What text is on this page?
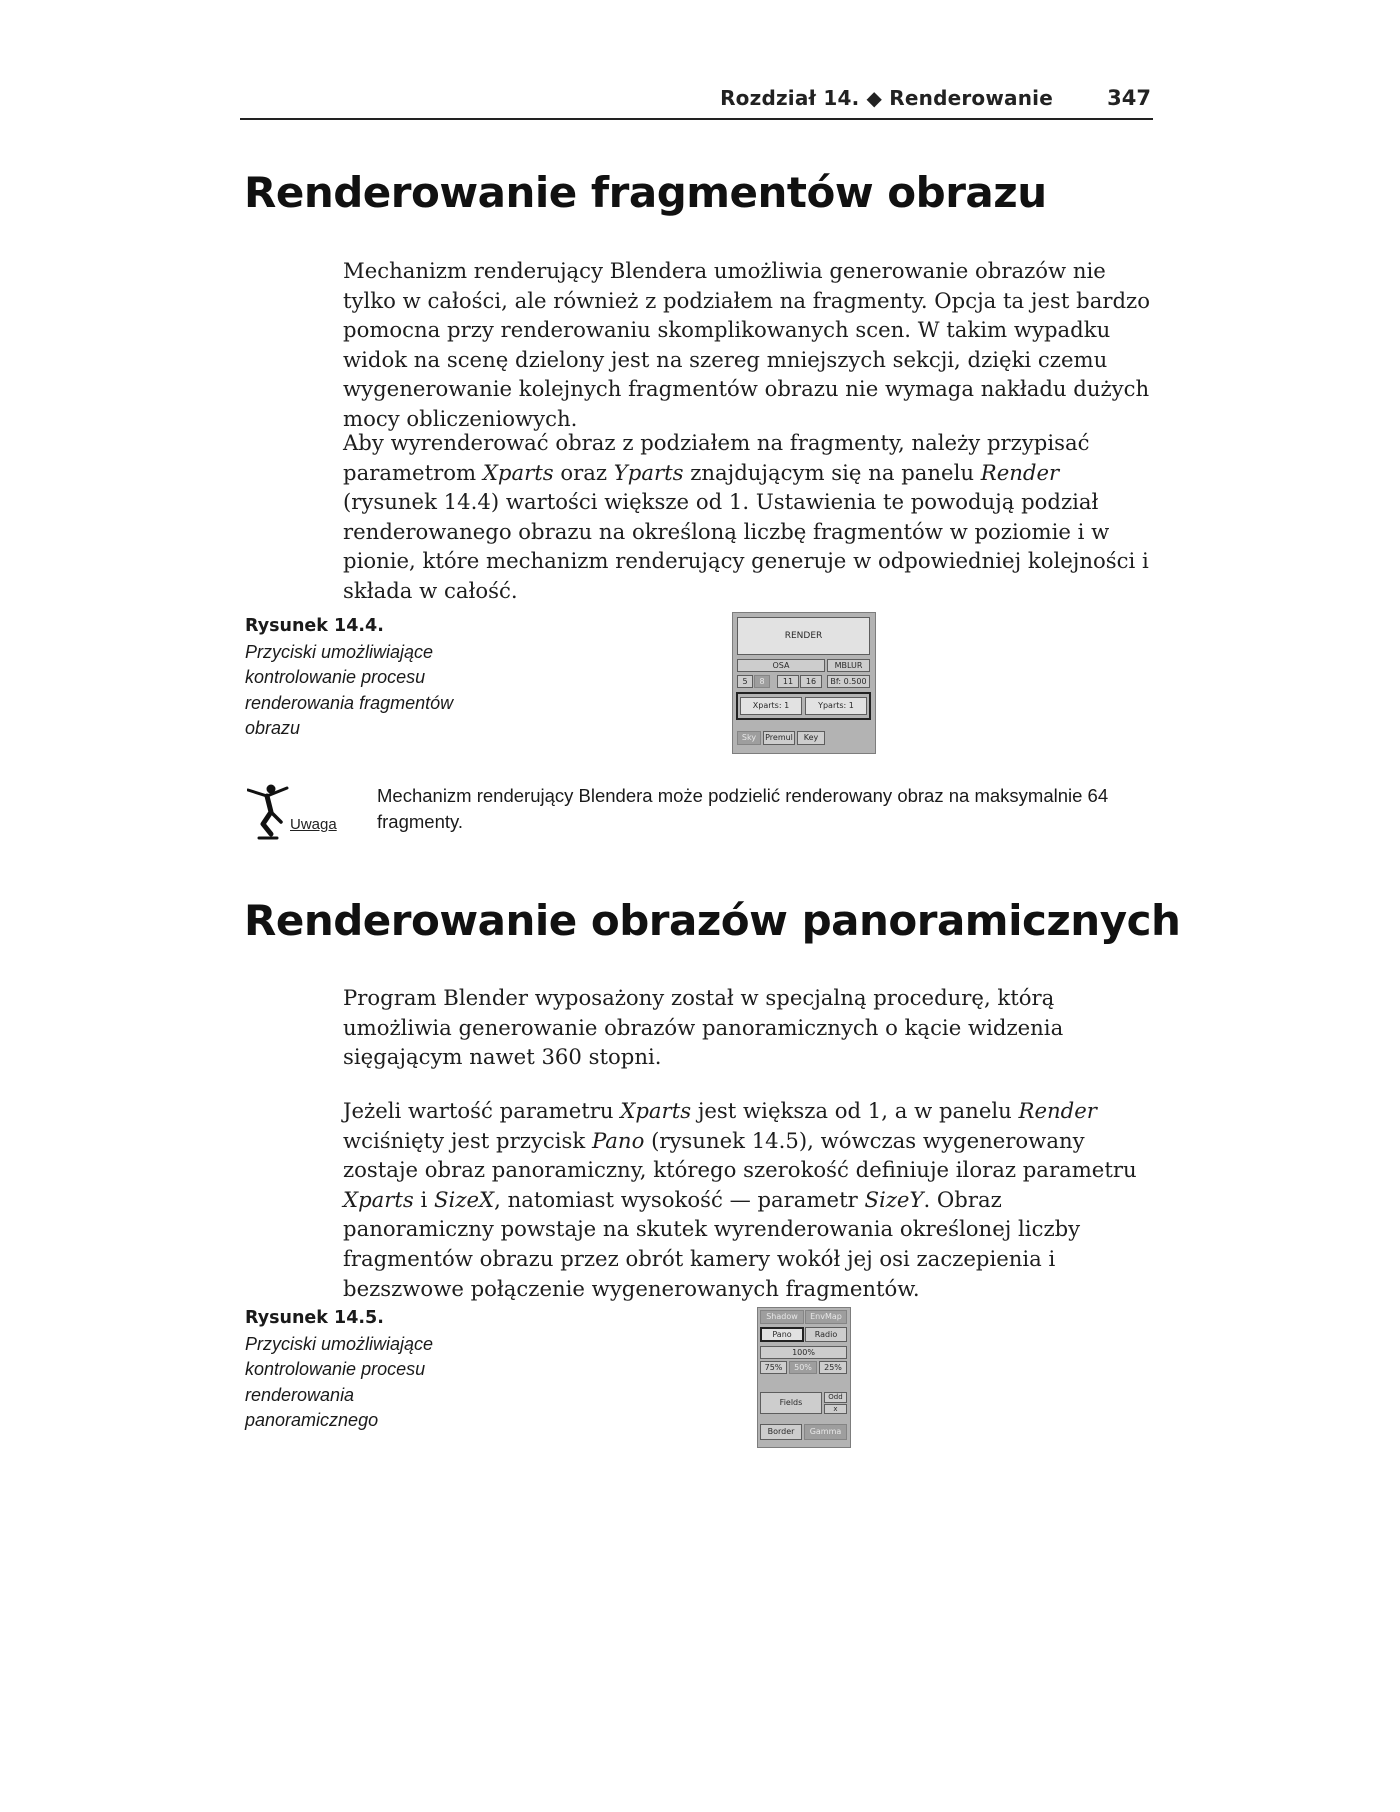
Rozdział 14. ◆ Renderowanie	347
Renderowanie fragmentów obrazu

Mechanizm renderujący Blendera umożliwia generowanie obrazów nie tylko w całości, ale również z podziałem na fragmenty. Opcja ta jest bardzo pomocna przy renderowaniu skomplikowanych scen. W takim wypadku widok na scenę dzielony jest na szereg mniejszych sekcji, dzięki czemu wygenerowanie kolejnych fragmentów obrazu nie wymaga nakładu dużych mocy obliczeniowych.

Aby wyrenderować obraz z podziałem na fragmenty, należy przypisać parametrom Xparts oraz Yparts znajdującym się na panelu Render (rysunek 14.4) wartości większe od 1. Ustawienia te powodują podział renderowanego obrazu na określoną liczbę fragmentów w poziomie i w pionie, które mechanizm renderujący generuje w odpowiedniej kolejności i składa w całość.

Rysunek 14.4.
Przyciski umożliwiające kontrolowanie procesu renderowania fragmentów obrazu
RENDER
OSA	MBLUR
5	8	11	16	Bf: 0.500
Xparts: 1	Yparts: 1
Sky	Premul	Key
Uwaga

Mechanizm renderujący Blendera może podzielić renderowany obraz na maksymalnie 64 fragmenty.

Renderowanie obrazów panoramicznych

Program Blender wyposażony został w specjalną procedurę, którą umożliwia generowanie obrazów panoramicznych o kącie widzenia sięgającym nawet 360 stopni.

Jeżeli wartość parametru Xparts jest większa od 1, a w panelu Render wciśnięty jest przycisk Pano (rysunek 14.5), wówczas wygenerowany zostaje obraz panoramiczny, którego szerokość definiuje iloraz parametru Xparts i SizeX, natomiast wysokość — parametr SizeY. Obraz panoramiczny powstaje na skutek wyrenderowania określonej liczby fragmentów obrazu przez obrót kamery wokół jej osi zaczepienia i bezszwowe połączenie wygenerowanych fragmentów.

Rysunek 14.5.
Przyciski umożliwiające kontrolowanie procesu renderowania panoramicznego
Shadow	EnvMap
Pano	Radio
100%
75%	50%	25%
Fields
Odd
x
Border	Gamma
